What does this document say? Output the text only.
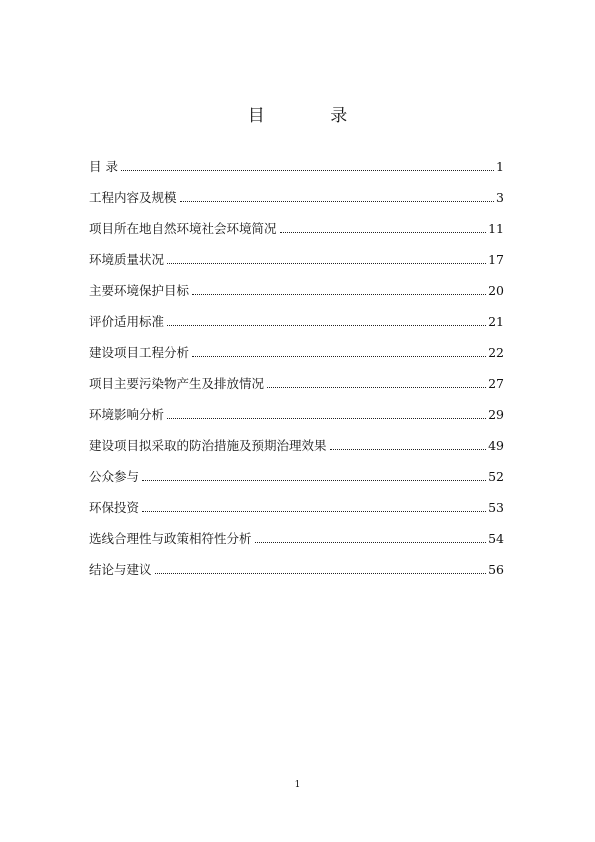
目 录
目 录	1
工程内容及规模	3
项目所在地自然环境社会环境简况	11
环境质量状况	17
主要环境保护目标	20
评价适用标准	21
建设项目工程分析	22
项目主要污染物产生及排放情况	27
环境影响分析	29
建设项目拟采取的防治措施及预期治理效果	49
公众参与	52
环保投资	53
选线合理性与政策相符性分析	54
结论与建议	56
1
